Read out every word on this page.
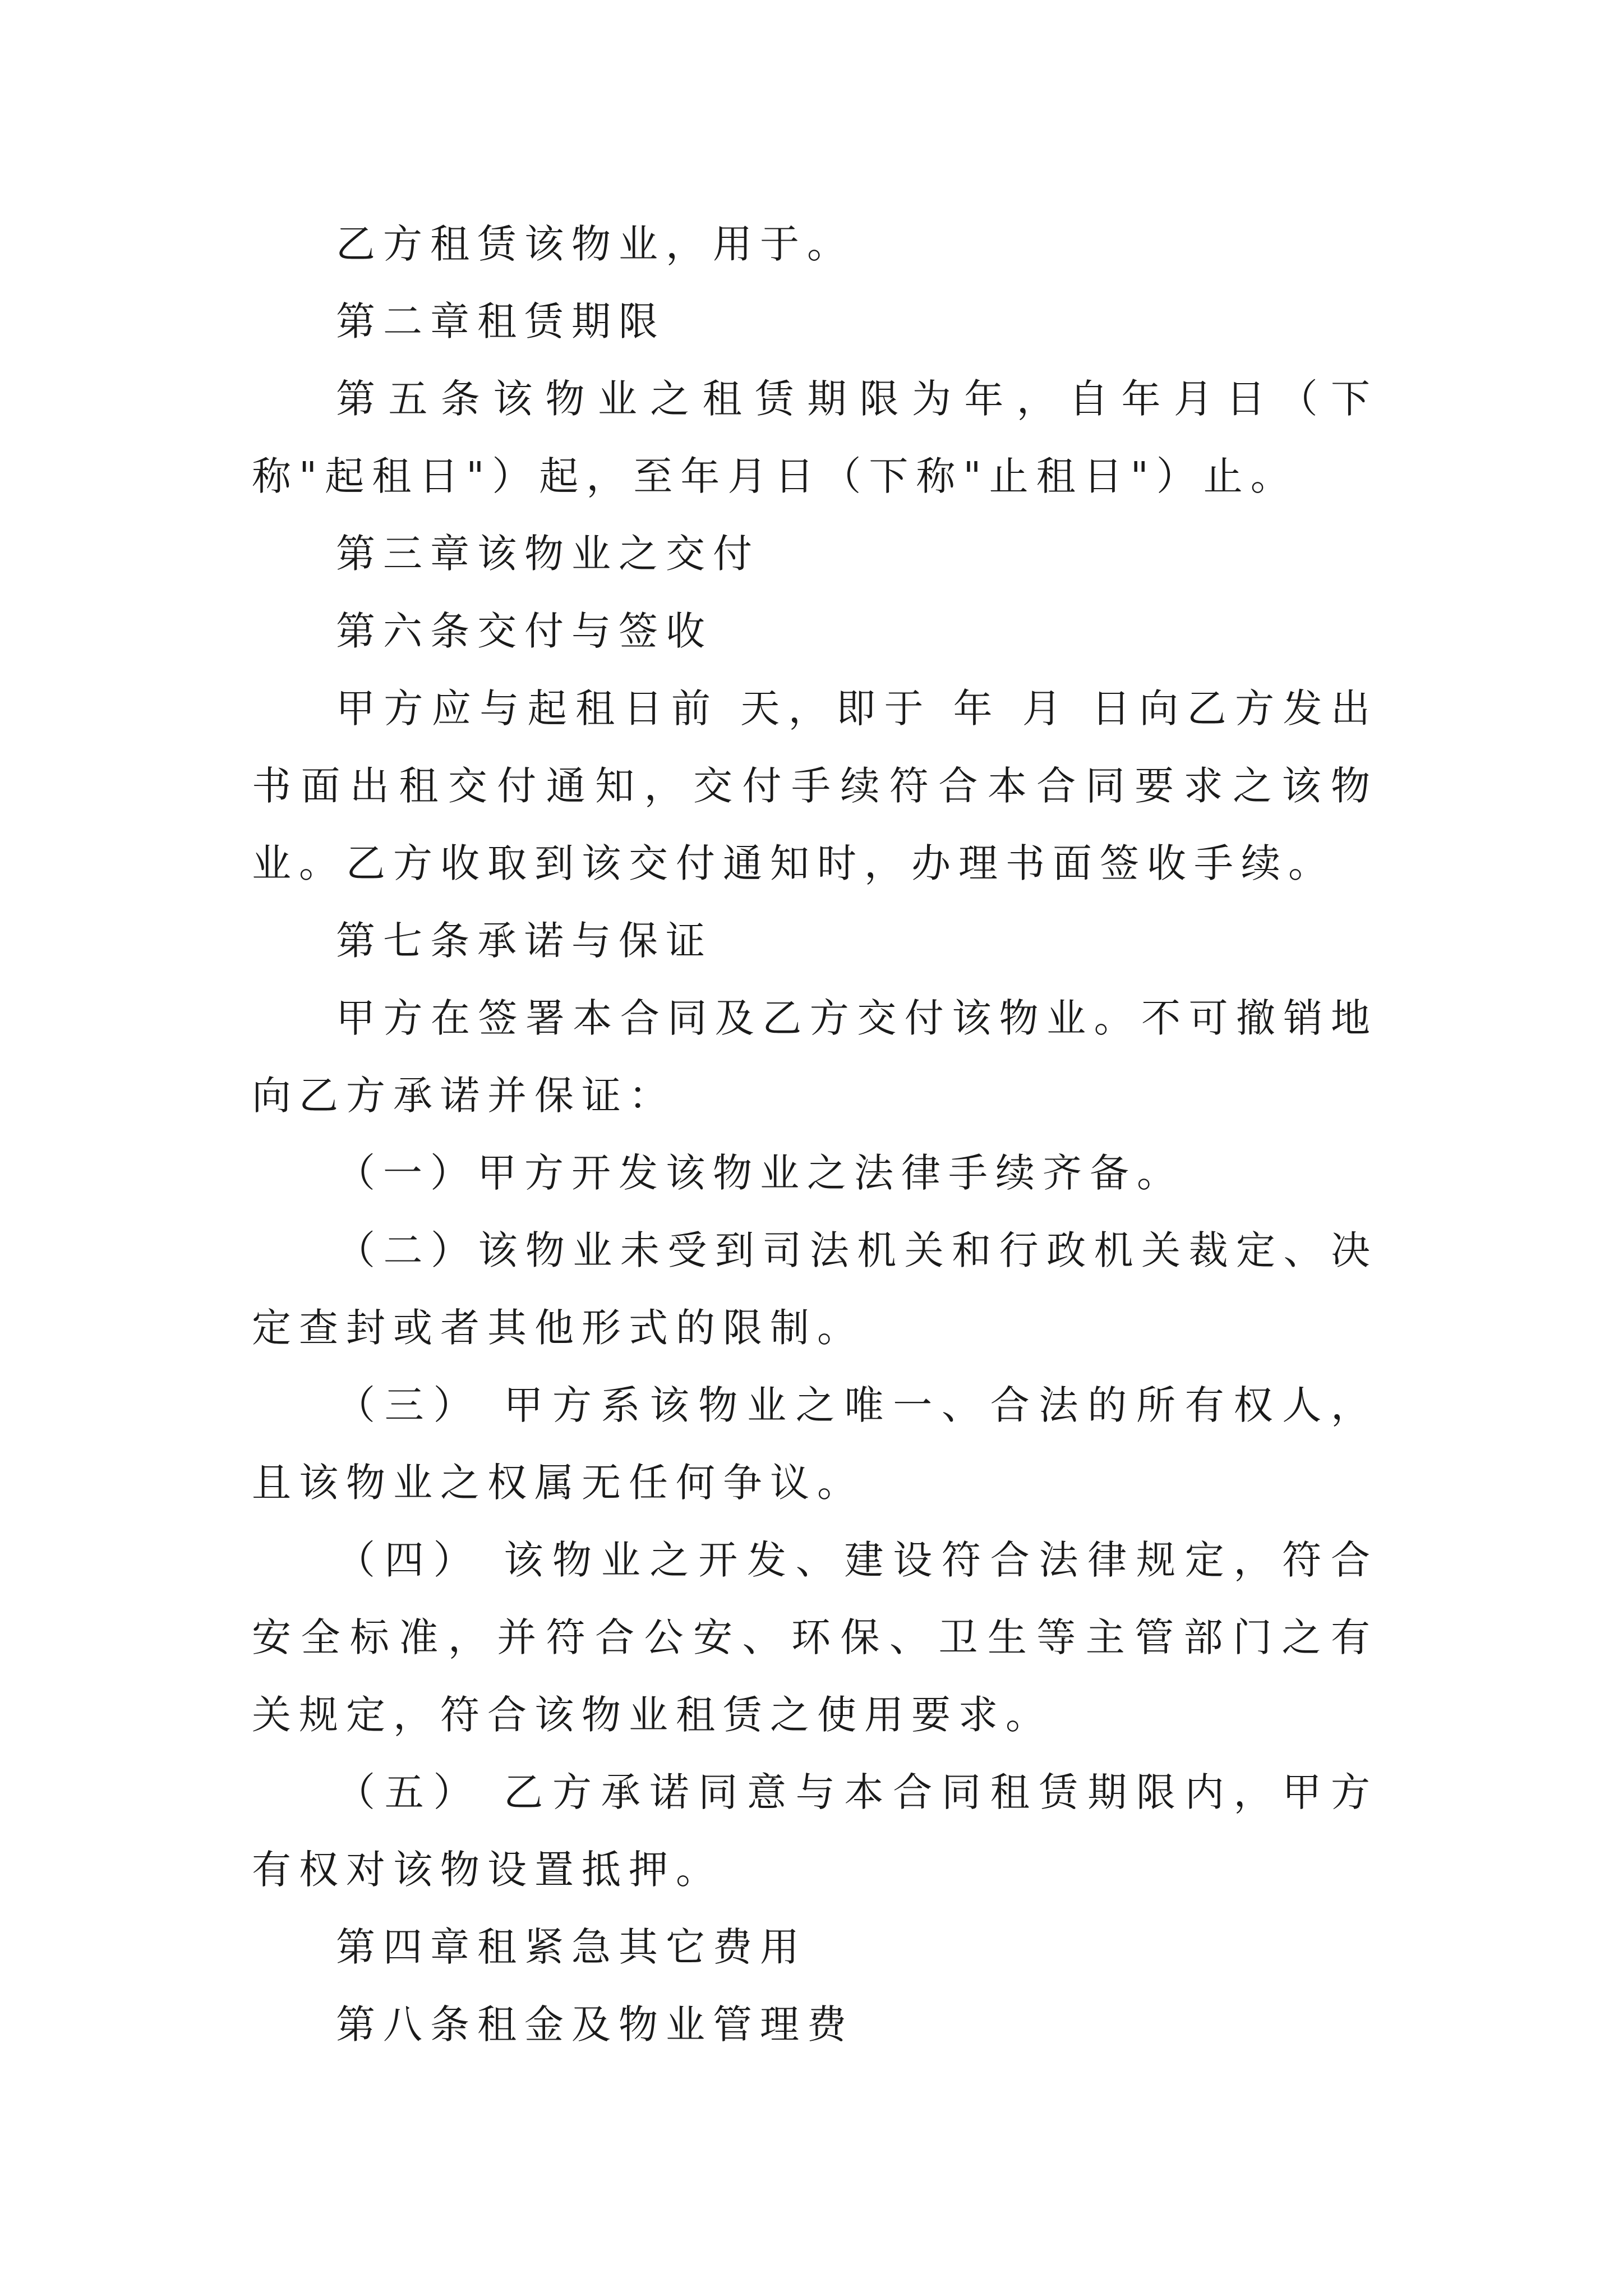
乙方租赁该物业，用于。

第二章租赁期限

第五条该物业之租赁期限为年，自年月日（下称"起租日"）起，至年月日（下称"止租日"）止。

第三章该物业之交付

第六条交付与签收

甲方应与起租日前 天，即于 年 月 日向乙方发出书面出租交付通知，交付手续符合本合同要求之该物业。乙方收取到该交付通知时，办理书面签收手续。

第七条承诺与保证

甲方在签署本合同及乙方交付该物业。不可撤销地向乙方承诺并保证：

（一）甲方开发该物业之法律手续齐备。

（二）该物业未受到司法机关和行政机关裁定、决定查封或者其他形式的限制。

（三） 甲方系该物业之唯一、合法的所有权人，且该物业之权属无任何争议。

（四） 该物业之开发、建设符合法律规定，符合安全标准，并符合公安、环保、卫生等主管部门之有关规定，符合该物业租赁之使用要求。

（五） 乙方承诺同意与本合同租赁期限内，甲方有权对该物设置抵押。

第四章租紧急其它费用

第八条租金及物业管理费
